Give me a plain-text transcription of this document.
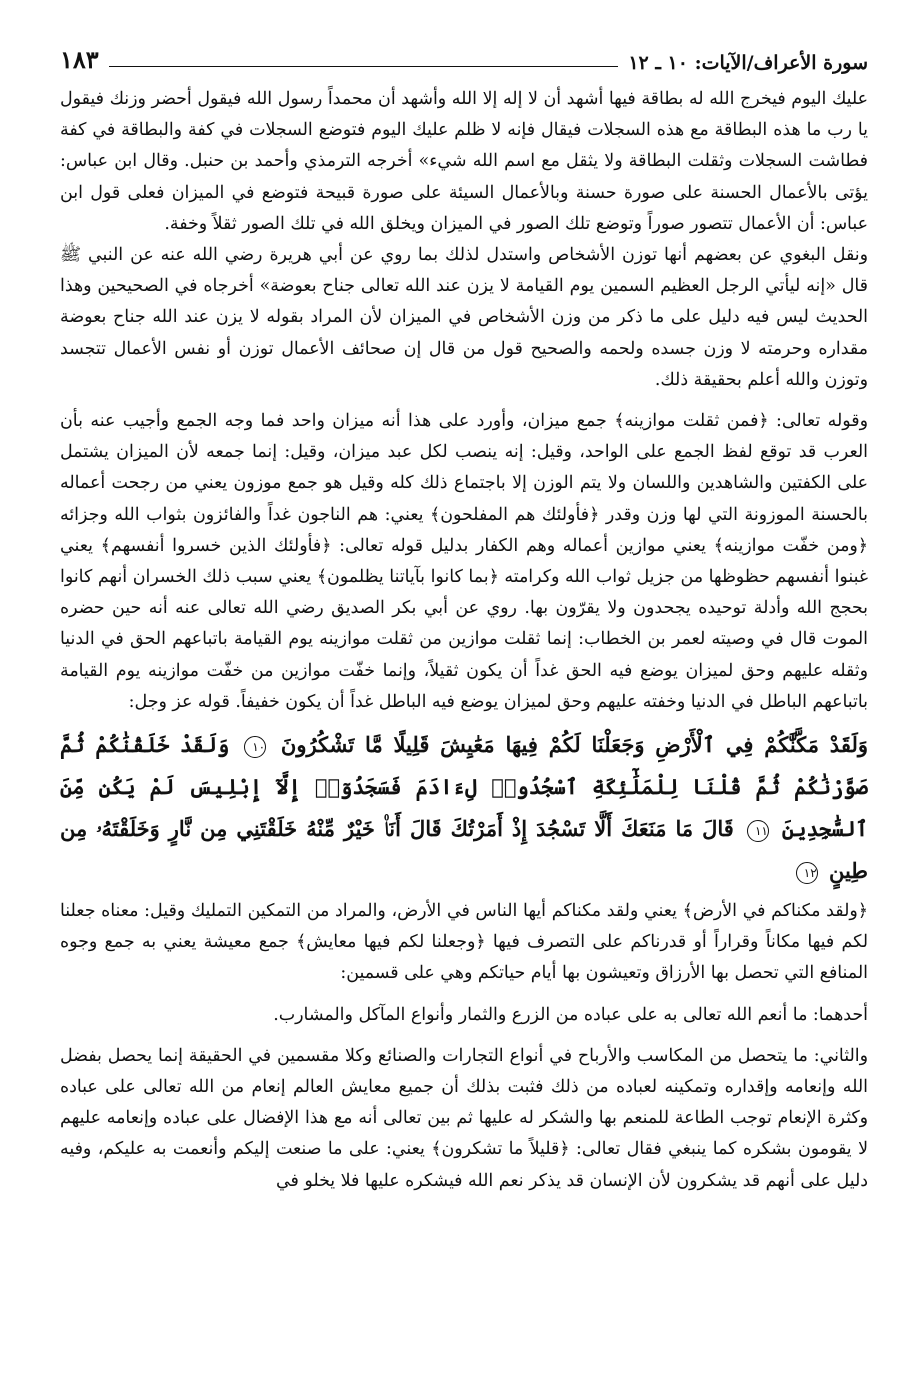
سورة الأعراف/الآيات: ١٠ ـ ١٢
١٨٣

عليك اليوم فيخرج الله له بطاقة فيها أشهد أن لا إله إلا الله وأشهد أن محمداً رسول الله فيقول أحضر وزنك فيقول يا رب ما هذه البطاقة مع هذه السجلات فيقال فإنه لا ظلم عليك اليوم فتوضع السجلات في كفة والبطاقة في كفة فطاشت السجلات وثقلت البطاقة ولا يثقل مع اسم الله شيء» أخرجه الترمذي وأحمد بن حنبل. وقال ابن عباس: يؤتى بالأعمال الحسنة على صورة حسنة وبالأعمال السيئة على صورة قبيحة فتوضع في الميزان فعلى قول ابن عباس: أن الأعمال تتصور صوراً وتوضع تلك الصور في الميزان ويخلق الله في تلك الصور ثقلاً وخفة.

ونقل البغوي عن بعضهم أنها توزن الأشخاص واستدل لذلك بما روي عن أبي هريرة رضي الله عنه عن النبي ﷺ قال «إنه ليأتي الرجل العظيم السمين يوم القيامة لا يزن عند الله تعالى جناح بعوضة» أخرجاه في الصحيحين وهذا الحديث ليس فيه دليل على ما ذكر من وزن الأشخاص في الميزان لأن المراد بقوله لا يزن عند الله جناح بعوضة مقداره وحرمته لا وزن جسده ولحمه والصحيح قول من قال إن صحائف الأعمال توزن أو نفس الأعمال تتجسد وتوزن والله أعلم بحقيقة ذلك.

وقوله تعالى: ﴿فمن ثقلت موازينه﴾ جمع ميزان، وأورد على هذا أنه ميزان واحد فما وجه الجمع وأجيب عنه بأن العرب قد توقع لفظ الجمع على الواحد، وقيل: إنه ينصب لكل عبد ميزان، وقيل: إنما جمعه لأن الميزان يشتمل على الكفتين والشاهدين واللسان ولا يتم الوزن إلا باجتماع ذلك كله وقيل هو جمع موزون يعني من رجحت أعماله بالحسنة الموزونة التي لها وزن وقدر ﴿فأولئك هم المفلحون﴾ يعني: هم الناجون غداً والفائزون بثواب الله وجزائه ﴿ومن خفّت موازينه﴾ يعني موازين أعماله وهم الكفار بدليل قوله تعالى: ﴿فأولئك الذين خسروا أنفسهم﴾ يعني غبنوا أنفسهم حظوظها من جزيل ثواب الله وكرامته ﴿بما كانوا بآياتنا يظلمون﴾ يعني سبب ذلك الخسران أنهم كانوا بحجج الله وأدلة توحيده يجحدون ولا يقرّون بها. روي عن أبي بكر الصديق رضي الله تعالى عنه أنه حين حضره الموت قال في وصيته لعمر بن الخطاب: إنما ثقلت موازين من ثقلت موازينه يوم القيامة باتباعهم الحق في الدنيا وثقله عليهم وحق لميزان يوضع فيه الحق غداً أن يكون ثقيلاً، وإنما خفّت موازين من خفّت موازينه يوم القيامة باتباعهم الباطل في الدنيا وخفته عليهم وحق لميزان يوضع فيه الباطل غداً أن يكون خفيفاً. قوله عز وجل:

وَلَقَدْ مَكَّنَّٰكُمْ فِي ٱلْأَرْضِ وَجَعَلْنَا لَكُمْ فِيهَا مَعَٰيِشَ قَلِيلًا مَّا تَشْكُرُونَ ١٠ وَلَقَدْ خَلَقْنَٰكُمْ ثُمَّ صَوَّرْنَٰكُمْ ثُمَّ قُلْنَا لِلْمَلَٰٓئِكَةِ ٱسْجُدُوا۟ لِءَادَمَ فَسَجَدُوٓا۟ إِلَّآ إِبْلِيسَ لَمْ يَكُن مِّنَ ٱلسَّٰجِدِينَ ١١ قَالَ مَا مَنَعَكَ أَلَّا تَسْجُدَ إِذْ أَمَرْتُكَ قَالَ أَنَا۠ خَيْرٌ مِّنْهُ خَلَقْتَنِي مِن نَّارٍ وَخَلَقْتَهُۥ مِن طِينٍ ١٢

﴿ولقد مكناكم في الأرض﴾ يعني ولقد مكناكم أيها الناس في الأرض، والمراد من التمكين التمليك وقيل: معناه جعلنا لكم فيها مكاناً وقراراً أو قدرناكم على التصرف فيها ﴿وجعلنا لكم فيها معايش﴾ جمع معيشة يعني به جمع وجوه المنافع التي تحصل بها الأرزاق وتعيشون بها أيام حياتكم وهي على قسمين:

أحدهما: ما أنعم الله تعالى به على عباده من الزرع والثمار وأنواع المآكل والمشارب.

والثاني: ما يتحصل من المكاسب والأرباح في أنواع التجارات والصنائع وكلا مقسمين في الحقيقة إنما يحصل بفضل الله وإنعامه وإقداره وتمكينه لعباده من ذلك فثبت بذلك أن جميع معايش العالم إنعام من الله تعالى على عباده وكثرة الإنعام توجب الطاعة للمنعم بها والشكر له عليها ثم بين تعالى أنه مع هذا الإفضال على عباده وإنعامه عليهم لا يقومون بشكره كما ينبغي فقال تعالى: ﴿قليلاً ما تشكرون﴾ يعني: على ما صنعت إليكم وأنعمت به عليكم، وفيه دليل على أنهم قد يشكرون لأن الإنسان قد يذكر نعم الله فيشكره عليها فلا يخلو في
